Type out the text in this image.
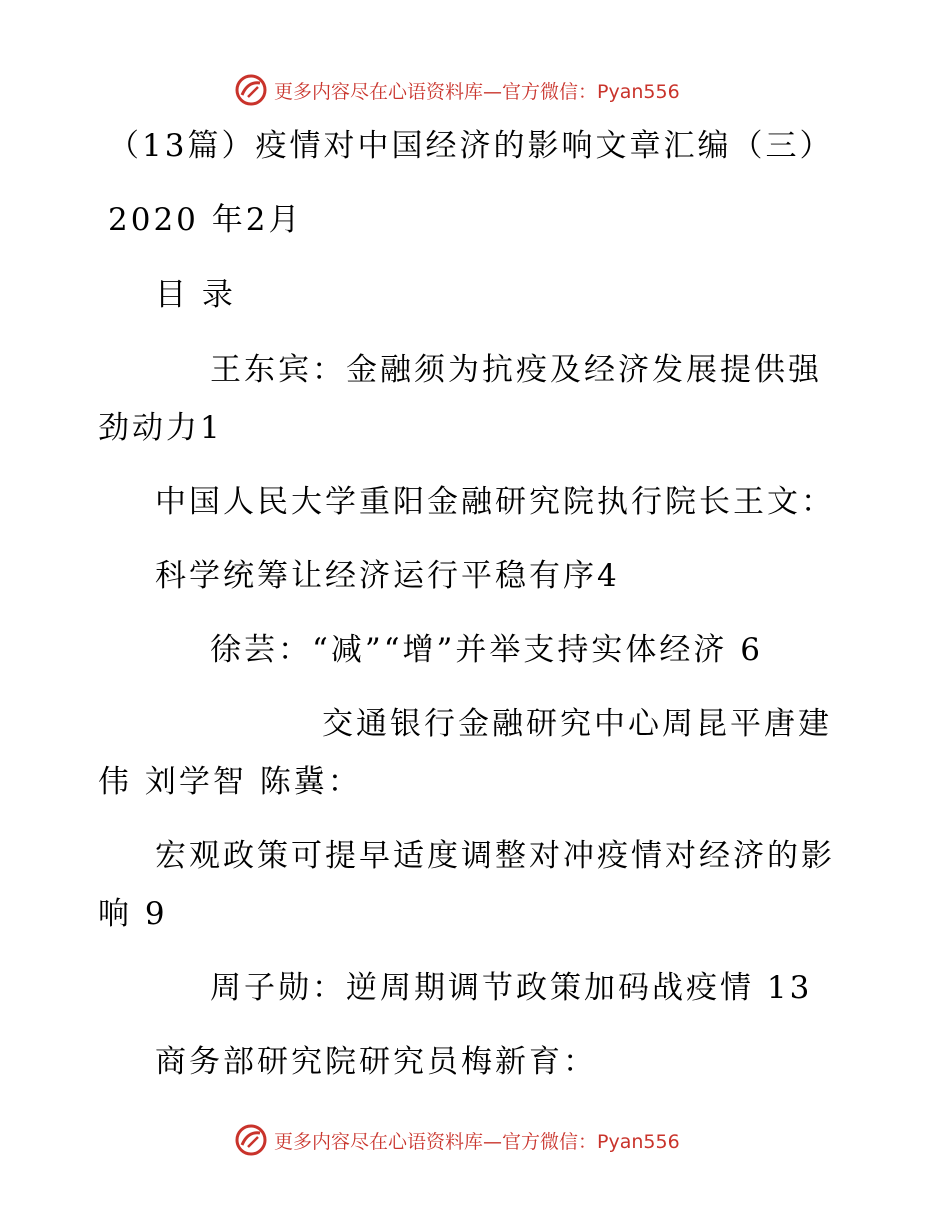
更多内容尽在心语资料库—官方微信：Pyan556
（13篇）疫情对中国经济的影响文章汇编（三）
2020 年2月
目 录
王东宾：金融须为抗疫及经济发展提供强
劲动力1
中国人民大学重阳金融研究院执行院长王文：
科学统筹让经济运行平稳有序4
徐芸：“减”“增”并举支持实体经济 6
交通银行金融研究中心周昆平唐建
伟 刘学智 陈冀：
宏观政策可提早适度调整对冲疫情对经济的影
响 9
周子勋：逆周期调节政策加码战疫情 13
商务部研究院研究员梅新育：
更多内容尽在心语资料库—官方微信：Pyan556
